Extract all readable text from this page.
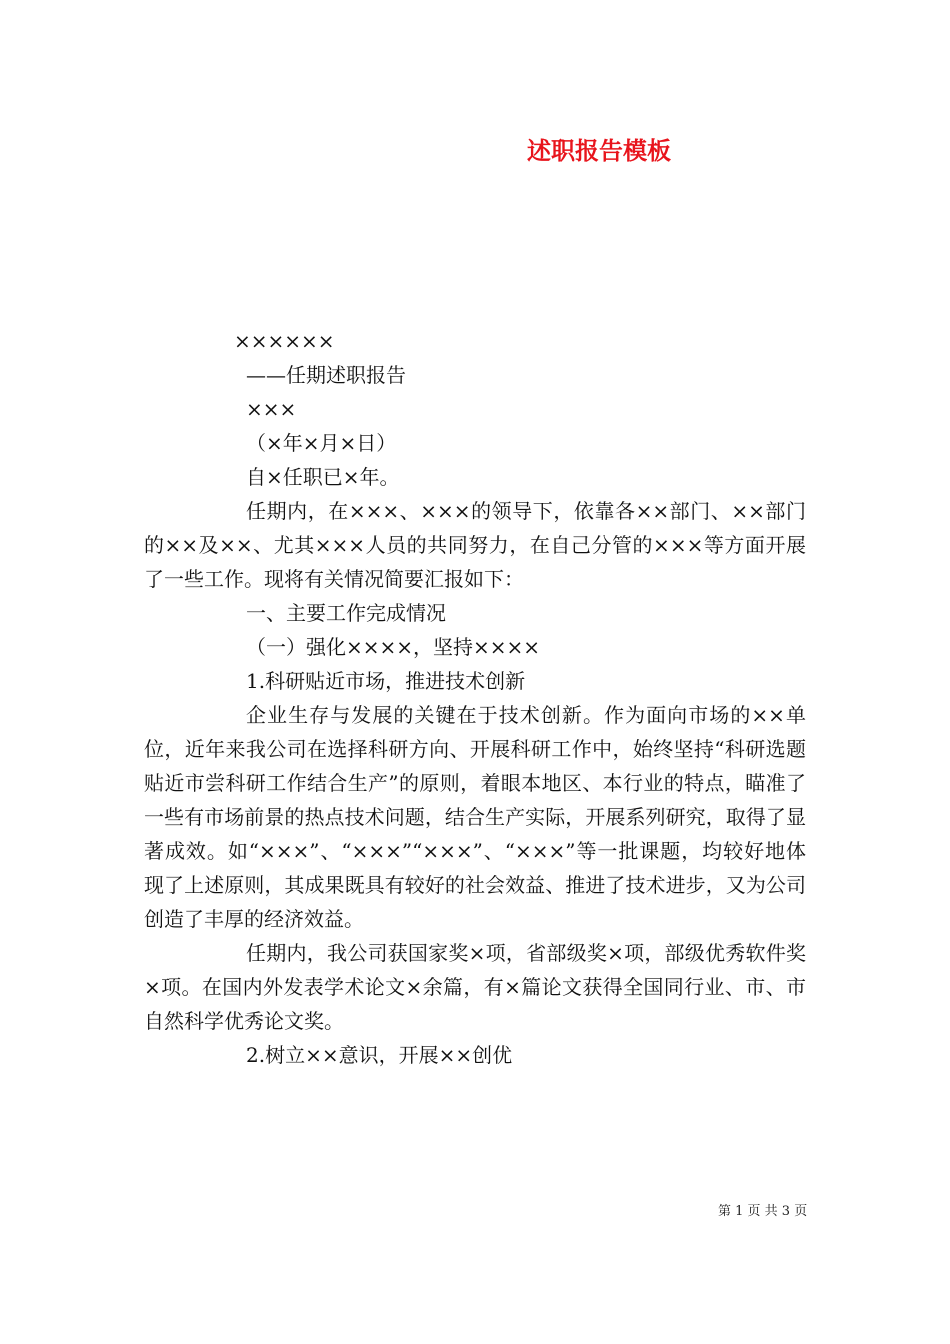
述职报告模板
××××××
——任期述职报告
×××
（×年×月×日）
自×任职已×年。

任期内，在×××、×××的领导下，依靠各××部门、××部门的××及××、尤其×××人员的共同努力，在自己分管的×××等方面开展了一些工作。现将有关情况简要汇报如下：

一、主要工作完成情况
（一）强化××××，坚持××××
1.科研贴近市场，推进技术创新

企业生存与发展的关键在于技术创新。作为面向市场的××单位，近年来我公司在选择科研方向、开展科研工作中，始终坚持“科研选题贴近市尝科研工作结合生产”的原则，着眼本地区、本行业的特点，瞄准了一些有市场前景的热点技术问题，结合生产实际，开展系列研究，取得了显著成效。如“×××”、“×××”“×××”、“×××”等一批课题，均较好地体现了上述原则，其成果既具有较好的社会效益、推进了技术进步，又为公司创造了丰厚的经济效益。

任期内，我公司获国家奖×项，省部级奖×项，部级优秀软件奖×项。在国内外发表学术论文×余篇，有×篇论文获得全国同行业、市、市自然科学优秀论文奖。

2.树立××意识，开展××创优
第 1 页 共 3 页
